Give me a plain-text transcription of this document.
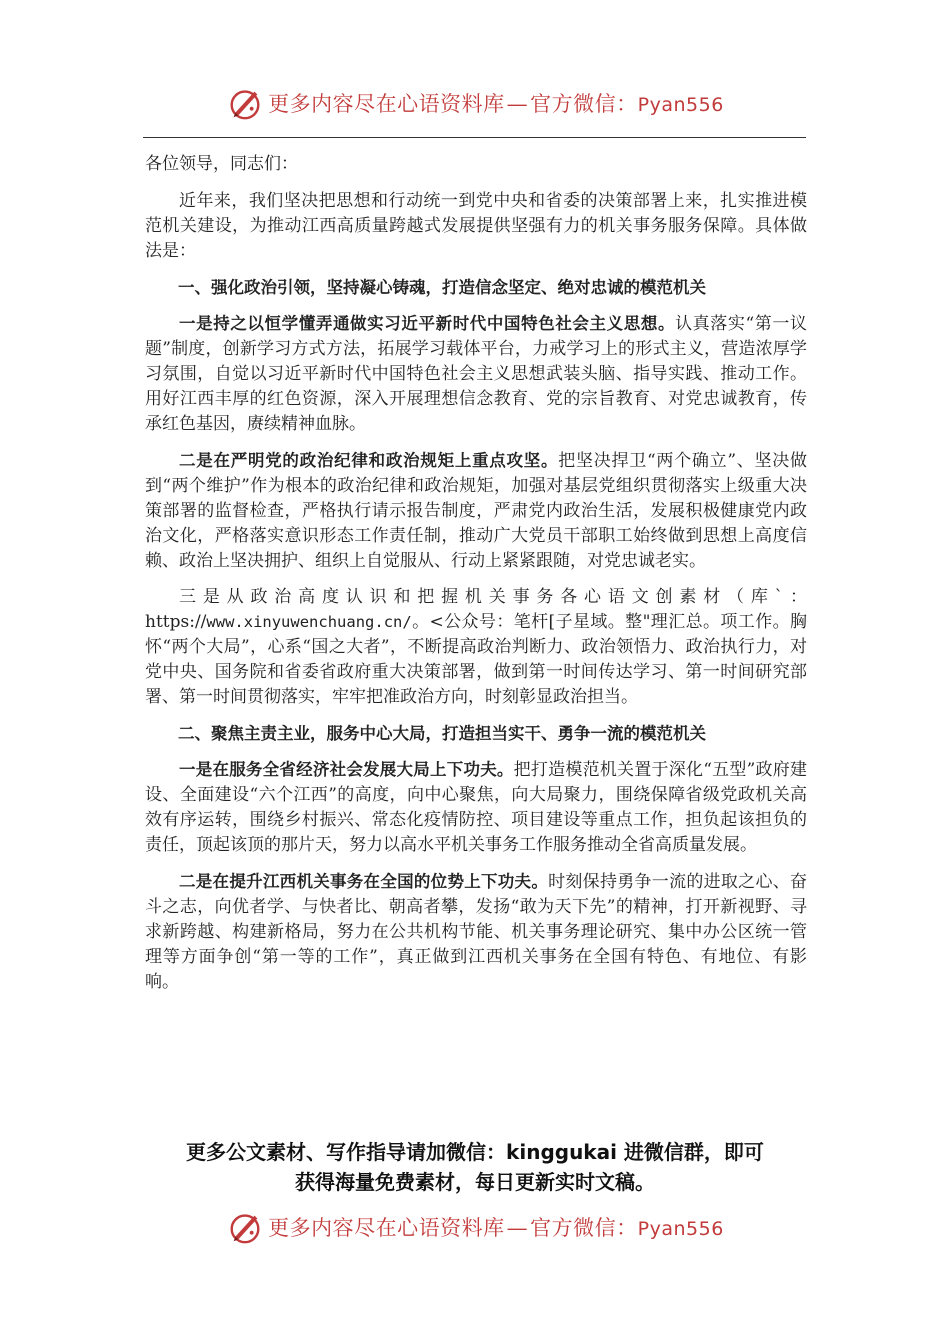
更多内容尽在心语资料库—官方微信：Pyan556

各位领导，同志们：

近年来，我们坚决把思想和行动统一到党中央和省委的决策部署上来，扎实推进模范机关建设，为推动江西高质量跨越式发展提供坚强有力的机关事务服务保障。具体做法是：

一、强化政治引领，坚持凝心铸魂，打造信念坚定、绝对忠诚的模范机关

一是持之以恒学懂弄通做实习近平新时代中国特色社会主义思想。认真落实“第一议题”制度，创新学习方式方法，拓展学习载体平台，力戒学习上的形式主义，营造浓厚学习氛围，自觉以习近平新时代中国特色社会主义思想武装头脑、指导实践、推动工作。用好江西丰厚的红色资源，深入开展理想信念教育、党的宗旨教育、对党忠诚教育，传承红色基因，赓续精神血脉。

二是在严明党的政治纪律和政治规矩上重点攻坚。把坚决捍卫“两个确立”、坚决做到“两个维护”作为根本的政治纪律和政治规矩，加强对基层党组织贯彻落实上级重大决策部署的监督检查，严格执行请示报告制度，严肃党内政治生活，发展积极健康党内政治文化，严格落实意识形态工作责任制，推动广大党员干部职工始终做到思想上高度信赖、政治上坚决拥护、组织上自觉服从、行动上紧紧跟随，对党忠诚老实。

三是从政治高度认识和把握机关事务各心语文创素材（库`：https://www.xinyuwenchuang.cn/。<公众号：笔杆[子星域。整"理汇总。项工作。胸怀“两个大局”，心系“国之大者”，不断提高政治判断力、政治领悟力、政治执行力，对党中央、国务院和省委省政府重大决策部署，做到第一时间传达学习、第一时间研究部署、第一时间贯彻落实，牢牢把准政治方向，时刻彰显政治担当。

二、聚焦主责主业，服务中心大局，打造担当实干、勇争一流的模范机关

一是在服务全省经济社会发展大局上下功夫。把打造模范机关置于深化“五型”政府建设、全面建设“六个江西”的高度，向中心聚焦，向大局聚力，围绕保障省级党政机关高效有序运转，围绕乡村振兴、常态化疫情防控、项目建设等重点工作，担负起该担负的责任，顶起该顶的那片天，努力以高水平机关事务工作服务推动全省高质量发展。

二是在提升江西机关事务在全国的位势上下功夫。时刻保持勇争一流的进取之心、奋斗之志，向优者学、与快者比、朝高者攀，发扬“敢为天下先”的精神，打开新视野、寻求新跨越、构建新格局，努力在公共机构节能、机关事务理论研究、集中办公区统一管理等方面争创“第一等的工作”，真正做到江西机关事务在全国有特色、有地位、有影响。

更多公文素材、写作指导请加微信：kinggukai 进微信群，即可

获得海量免费素材，每日更新实时文稿。

更多内容尽在心语资料库—官方微信：Pyan556
